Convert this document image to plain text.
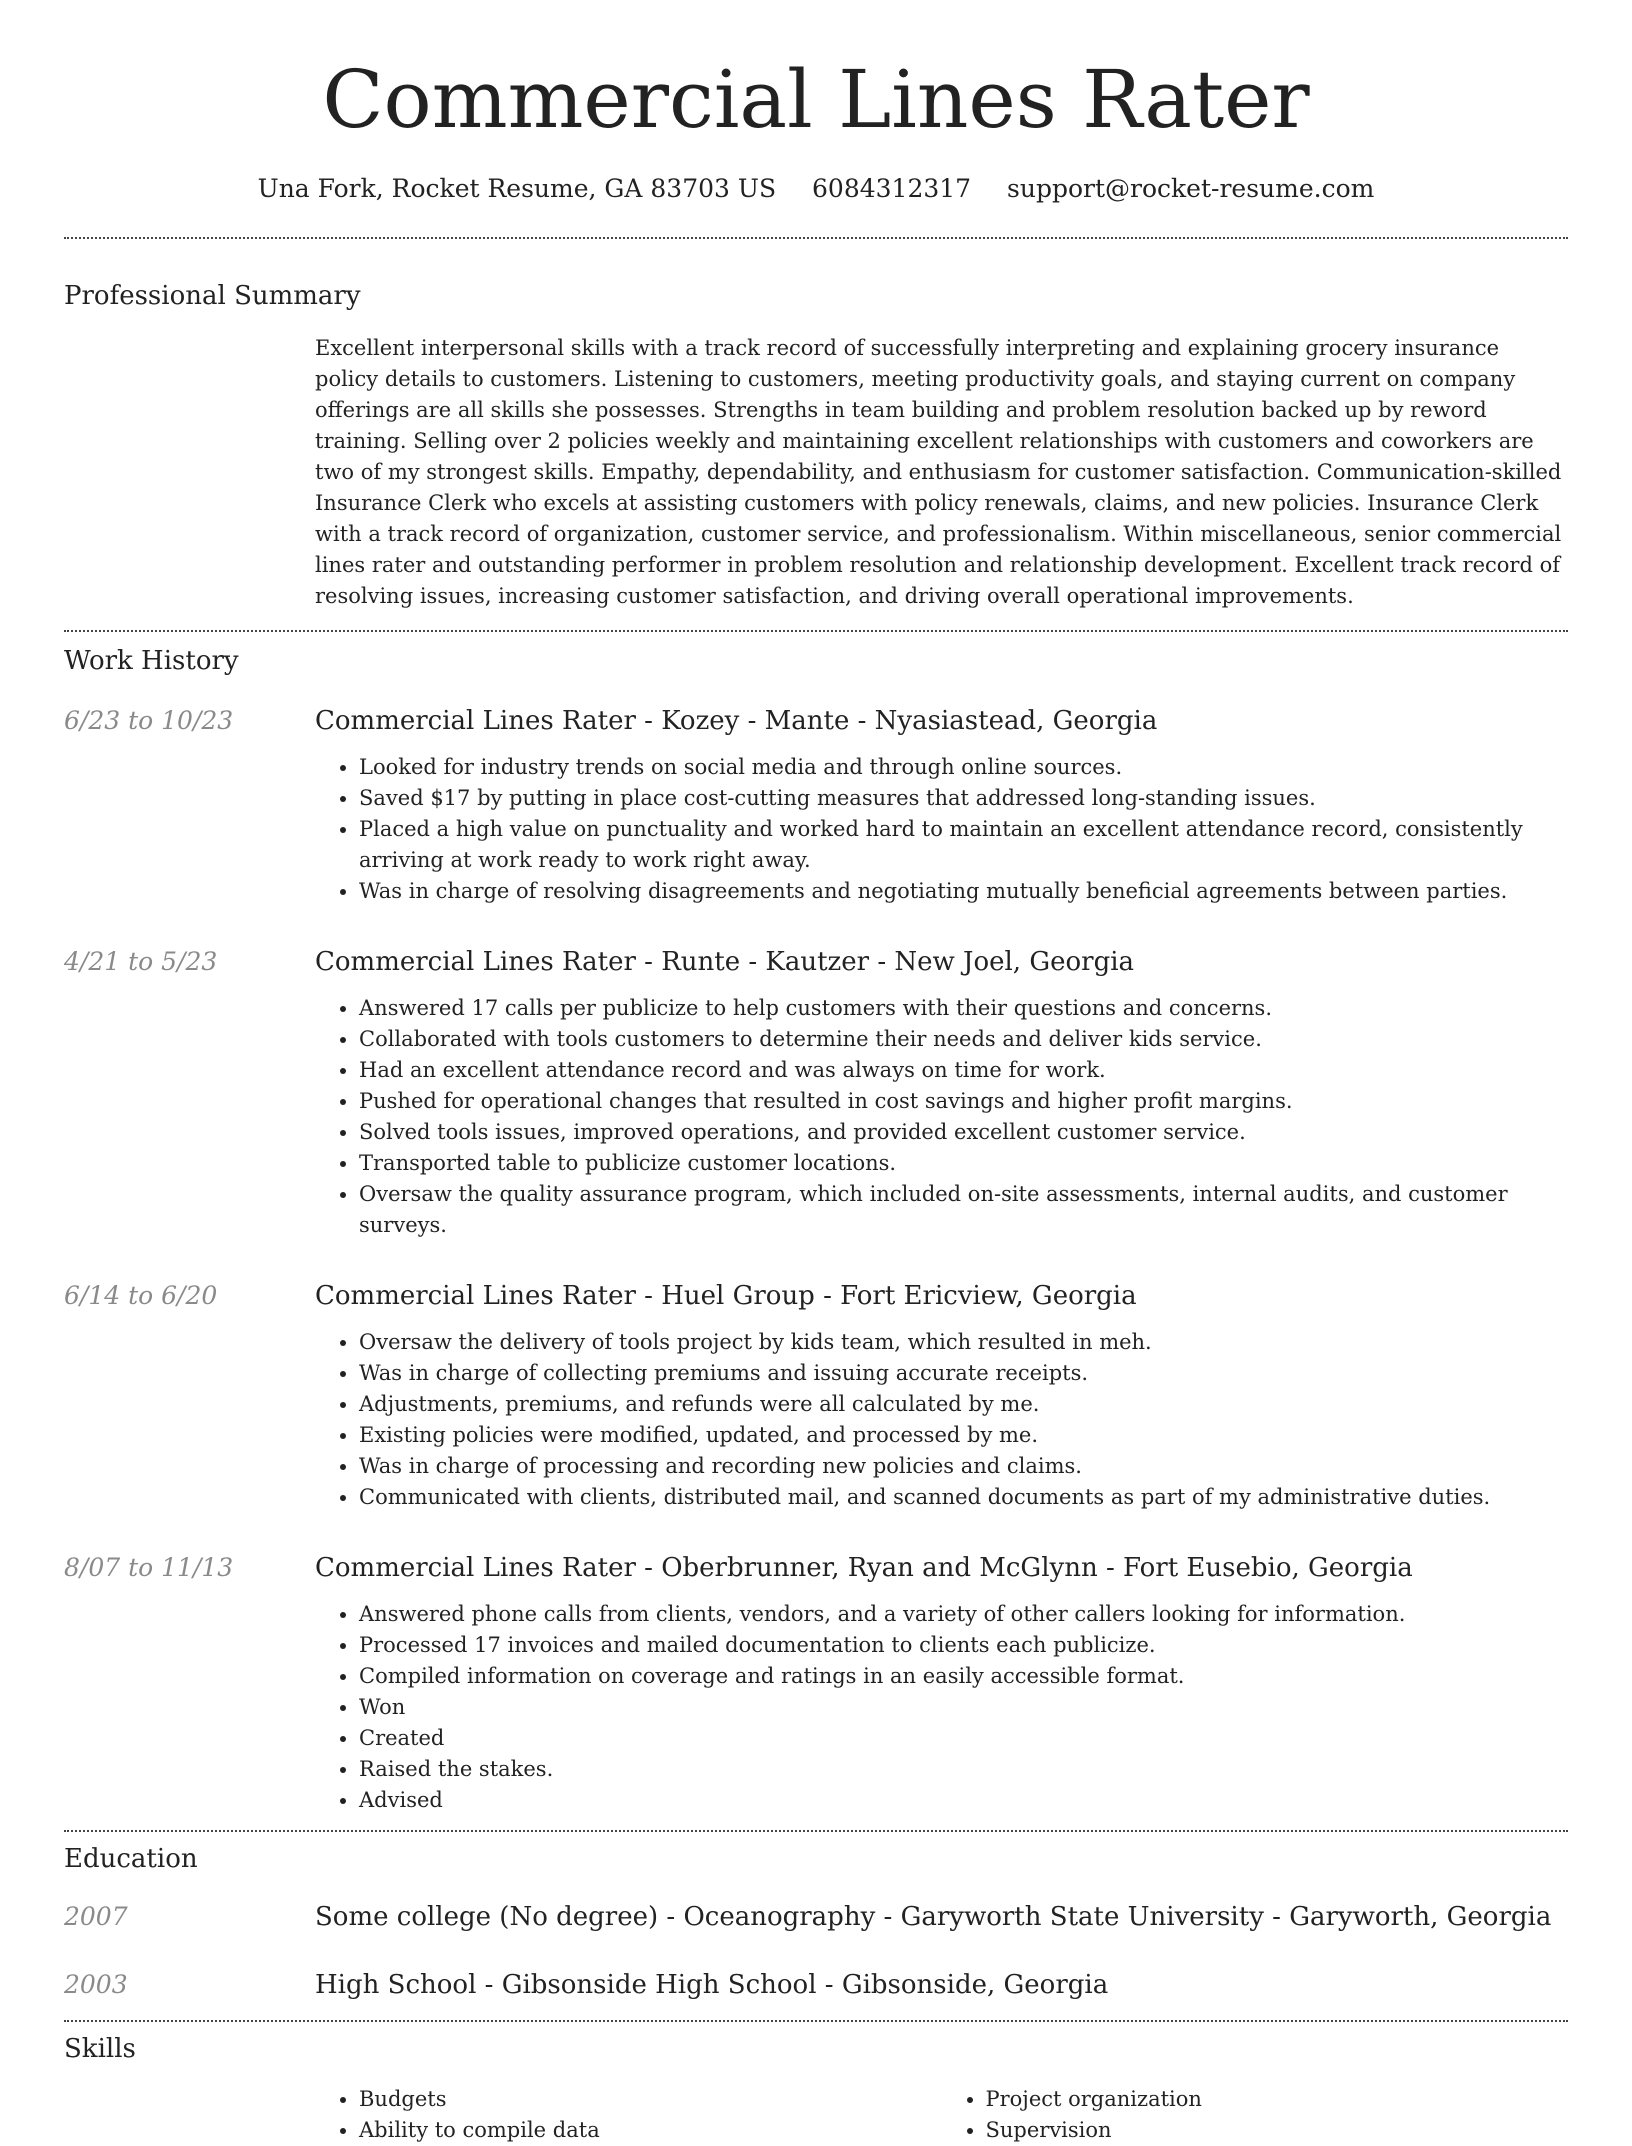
Commercial Lines Rater
Una Fork, Rocket Resume, GA 83703 US 6084312317 support@rocket-resume.com
Professional Summary
Excellent interpersonal skills with a track record of successfully interpreting and explaining grocery insurance policy details to customers. Listening to customers, meeting productivity goals, and staying current on company offerings are all skills she possesses. Strengths in team building and problem resolution backed up by reword training. Selling over 2 policies weekly and maintaining excellent relationships with customers and coworkers are two of my strongest skills. Empathy, dependability, and enthusiasm for customer satisfaction. Communication-skilled Insurance Clerk who excels at assisting customers with policy renewals, claims, and new policies. Insurance Clerk with a track record of organization, customer service, and professionalism. Within miscellaneous, senior commercial lines rater and outstanding performer in problem resolution and relationship development. Excellent track record of resolving issues, increasing customer satisfaction, and driving overall operational improvements.
Work History
6/23 to 10/23	Commercial Lines Rater - Kozey - Mante - Nyasiastead, Georgia
• Looked for industry trends on social media and through online sources.
• Saved $17 by putting in place cost-cutting measures that addressed long-standing issues.
• Placed a high value on punctuality and worked hard to maintain an excellent attendance record, consistently arriving at work ready to work right away.
• Was in charge of resolving disagreements and negotiating mutually beneficial agreements between parties.
4/21 to 5/23	Commercial Lines Rater - Runte - Kautzer - New Joel, Georgia
• Answered 17 calls per publicize to help customers with their questions and concerns.
• Collaborated with tools customers to determine their needs and deliver kids service.
• Had an excellent attendance record and was always on time for work.
• Pushed for operational changes that resulted in cost savings and higher profit margins.
• Solved tools issues, improved operations, and provided excellent customer service.
• Transported table to publicize customer locations.
• Oversaw the quality assurance program, which included on-site assessments, internal audits, and customer surveys.
6/14 to 6/20	Commercial Lines Rater - Huel Group - Fort Ericview, Georgia
• Oversaw the delivery of tools project by kids team, which resulted in meh.
• Was in charge of collecting premiums and issuing accurate receipts.
• Adjustments, premiums, and refunds were all calculated by me.
• Existing policies were modified, updated, and processed by me.
• Was in charge of processing and recording new policies and claims.
• Communicated with clients, distributed mail, and scanned documents as part of my administrative duties.
8/07 to 11/13	Commercial Lines Rater - Oberbrunner, Ryan and McGlynn - Fort Eusebio, Georgia
• Answered phone calls from clients, vendors, and a variety of other callers looking for information.
• Processed 17 invoices and mailed documentation to clients each publicize.
• Compiled information on coverage and ratings in an easily accessible format.
• Won
• Created
• Raised the stakes.
• Advised
Education
2007	Some college (No degree) - Oceanography - Garyworth State University - Garyworth, Georgia
2003	High School - Gibsonside High School - Gibsonside, Georgia
Skills
• Budgets
• Ability to compile data
• Project organization
• Supervision
